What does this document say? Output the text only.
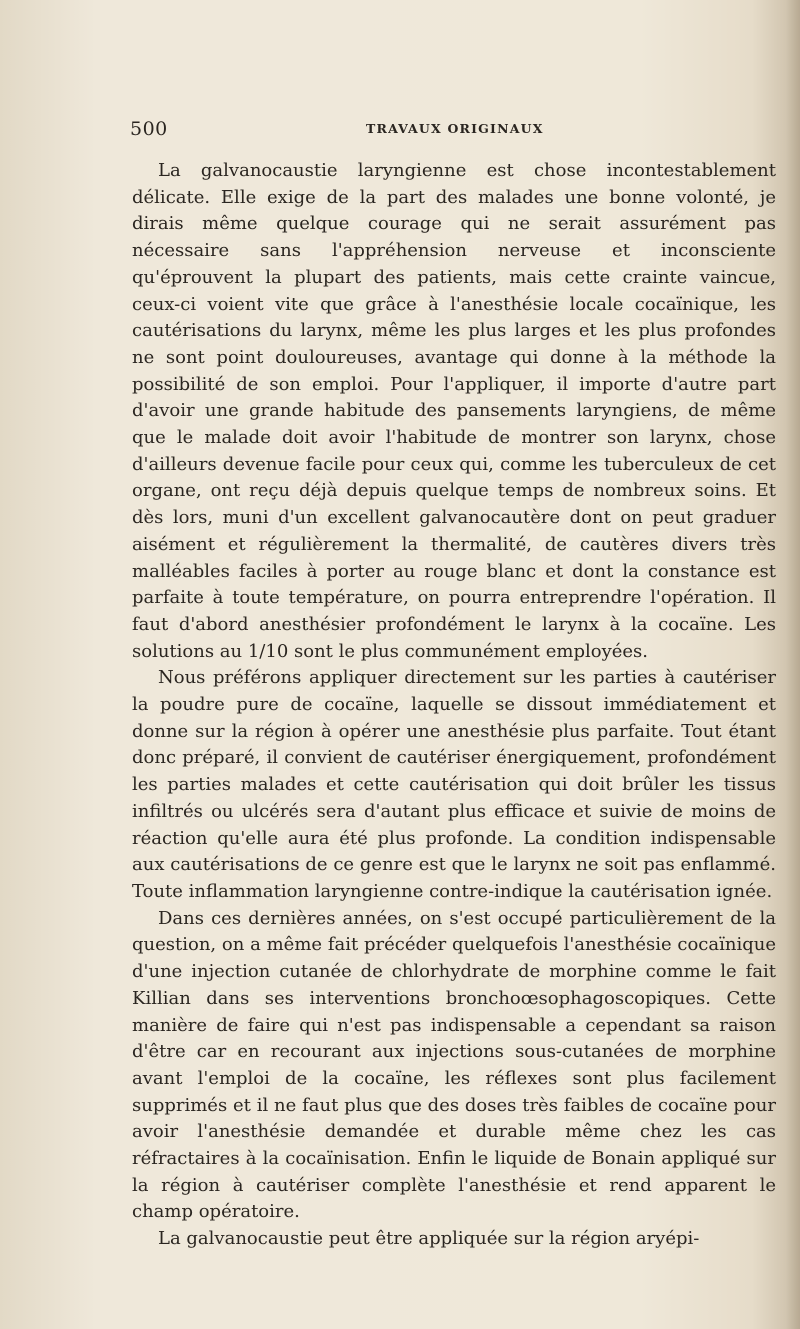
500	TRAVAUX ORIGINAUX

La galvanocaustie laryngienne est chose incontestablement délicate. Elle exige de la part des malades une bonne volonté, je dirais même quelque courage qui ne serait assurément pas nécessaire sans l'appréhension nerveuse et inconsciente qu'éprouvent la plupart des patients, mais cette crainte vaincue, ceux-ci voient vite que grâce à l'anesthésie locale cocaïnique, les cautérisations du larynx, même les plus larges et les plus profondes ne sont point douloureuses, avantage qui donne à la méthode la possibilité de son emploi. Pour l'appliquer, il importe d'autre part d'avoir une grande habitude des pansements laryngiens, de même que le malade doit avoir l'habitude de montrer son larynx, chose d'ailleurs devenue facile pour ceux qui, comme les tuberculeux de cet organe, ont reçu déjà depuis quelque temps de nombreux soins. Et dès lors, muni d'un excellent galvanocautère dont on peut graduer aisément et régulièrement la thermalité, de cautères divers très malléables faciles à porter au rouge blanc et dont la constance est parfaite à toute température, on pourra entreprendre l'opération. Il faut d'abord anesthésier profondément le larynx à la cocaïne. Les solutions au 1/10 sont le plus communément employées.

Nous préférons appliquer directement sur les parties à cautériser la poudre pure de cocaïne, laquelle se dissout immédiatement et donne sur la région à opérer une anesthésie plus parfaite. Tout étant donc préparé, il convient de cautériser énergiquement, profondément les parties malades et cette cautérisation qui doit brûler les tissus infiltrés ou ulcérés sera d'autant plus efficace et suivie de moins de réaction qu'elle aura été plus profonde. La condition indispensable aux cautérisations de ce genre est que le larynx ne soit pas enflammé. Toute inflammation laryngienne contre-indique la cautérisation ignée.

Dans ces dernières années, on s'est occupé particulièrement de la question, on a même fait précéder quelquefois l'anesthésie cocaïnique d'une injection cutanée de chlorhydrate de morphine comme le fait Killian dans ses interventions bronchoœsophagoscopiques. Cette manière de faire qui n'est pas indispensable a cependant sa raison d'être car en recourant aux injections sous-cutanées de morphine avant l'emploi de la cocaïne, les réflexes sont plus facilement supprimés et il ne faut plus que des doses très faibles de cocaïne pour avoir l'anesthésie demandée et durable même chez les cas réfractaires à la cocaïnisation. Enfin le liquide de Bonain appliqué sur la région à cautériser complète l'anesthésie et rend apparent le champ opératoire.

La galvanocaustie peut être appliquée sur la région aryépi-
